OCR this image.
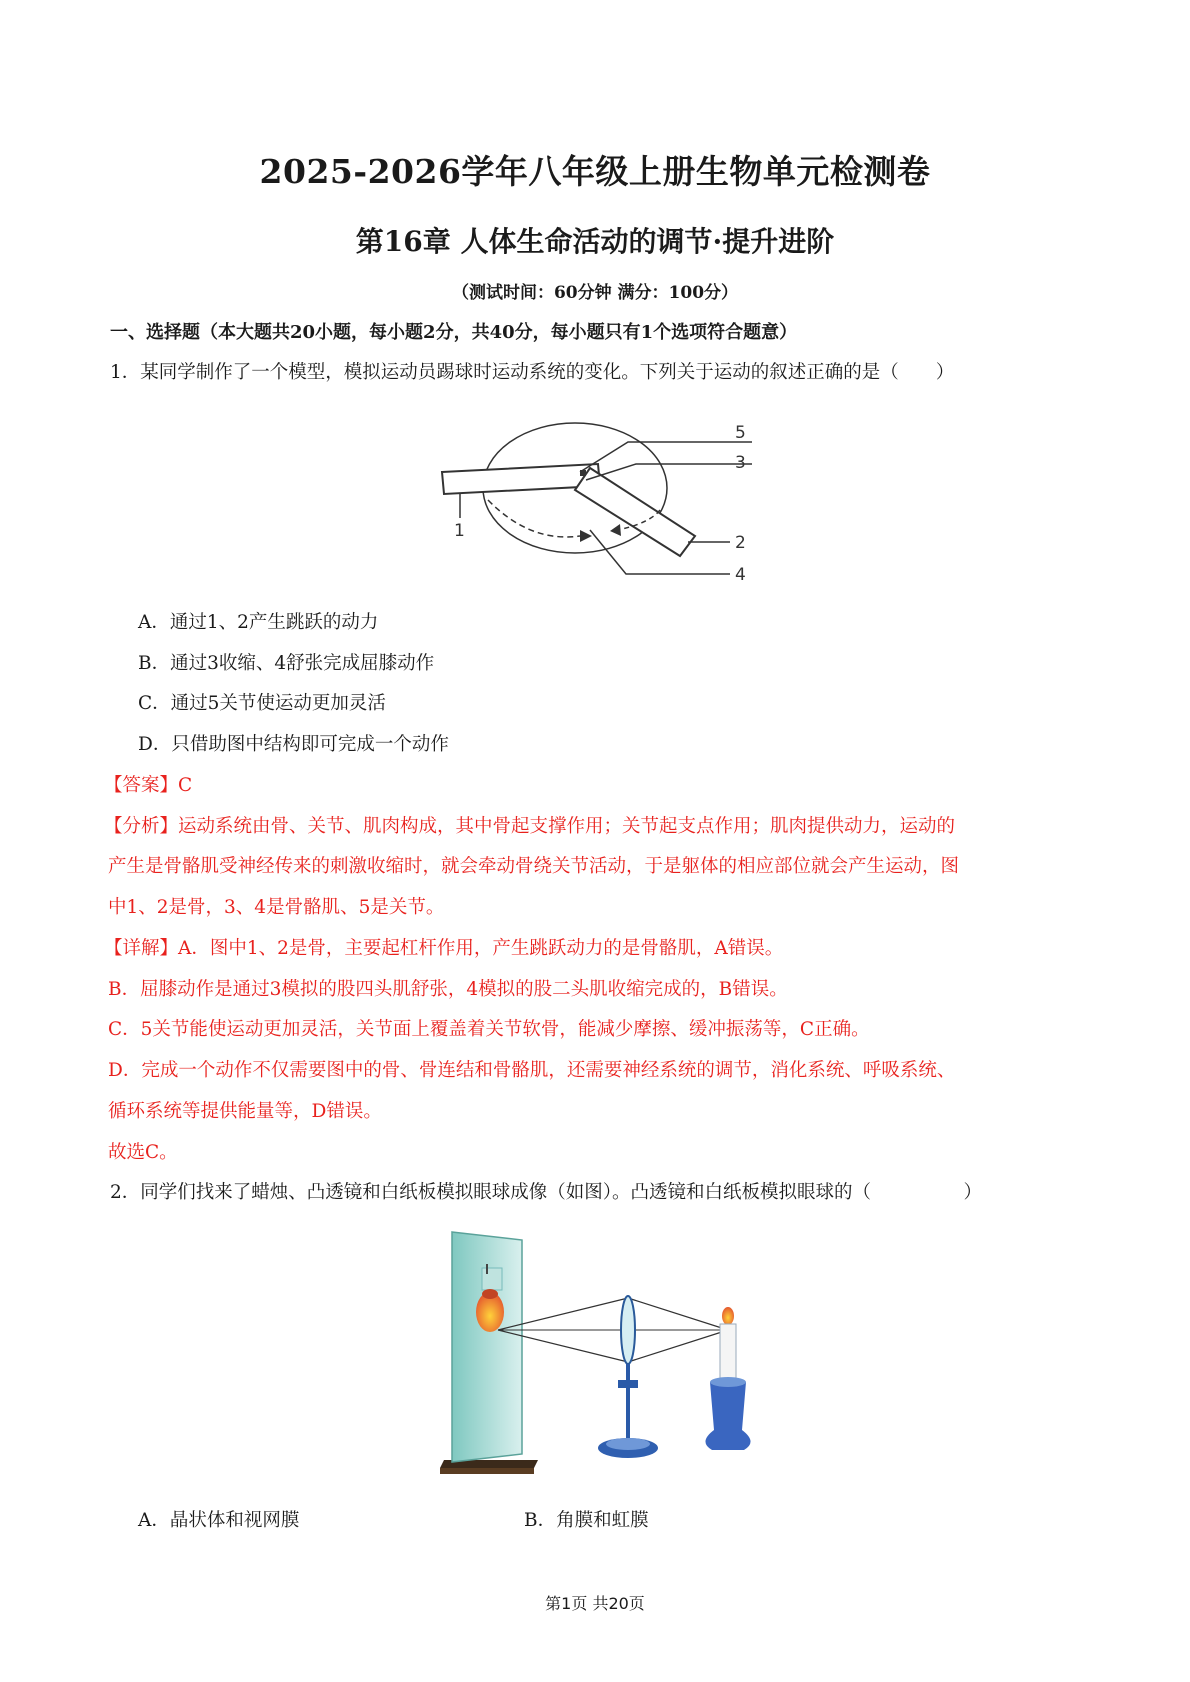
2025-2026学年八年级上册生物单元检测卷
第16章 人体生命活动的调节·提升进阶
（测试时间：60分钟 满分：100分）
一、选择题（本大题共20小题，每小题2分，共40分，每小题只有1个选项符合题意）
1．某同学制作了一个模型，模拟运动员踢球时运动系统的变化。下列关于运动的叙述正确的是（　　）
5
3
1
2
4
A．通过1、2产生跳跃的动力
B．通过3收缩、4舒张完成屈膝动作
C．通过5关节使运动更加灵活
D．只借助图中结构即可完成一个动作
【答案】C
【分析】运动系统由骨、关节、肌肉构成，其中骨起支撑作用；关节起支点作用；肌肉提供动力，运动的
产生是骨骼肌受神经传来的刺激收缩时，就会牵动骨绕关节活动，于是躯体的相应部位就会产生运动，图
中1、2是骨，3、4是骨骼肌、5是关节。
【详解】A．图中1、2是骨，主要起杠杆作用，产生跳跃动力的是骨骼肌，A错误。
B．屈膝动作是通过3模拟的股四头肌舒张，4模拟的股二头肌收缩完成的，B错误。
C．5关节能使运动更加灵活，关节面上覆盖着关节软骨，能减少摩擦、缓冲振荡等，C正确。
D．完成一个动作不仅需要图中的骨、骨连结和骨骼肌，还需要神经系统的调节，消化系统、呼吸系统、
循环系统等提供能量等，D错误。
故选C。
2．同学们找来了蜡烛、凸透镜和白纸板模拟眼球成像（如图）。凸透镜和白纸板模拟眼球的（　　　　　）
A．晶状体和视网膜	B．角膜和虹膜
第1页 共20页
